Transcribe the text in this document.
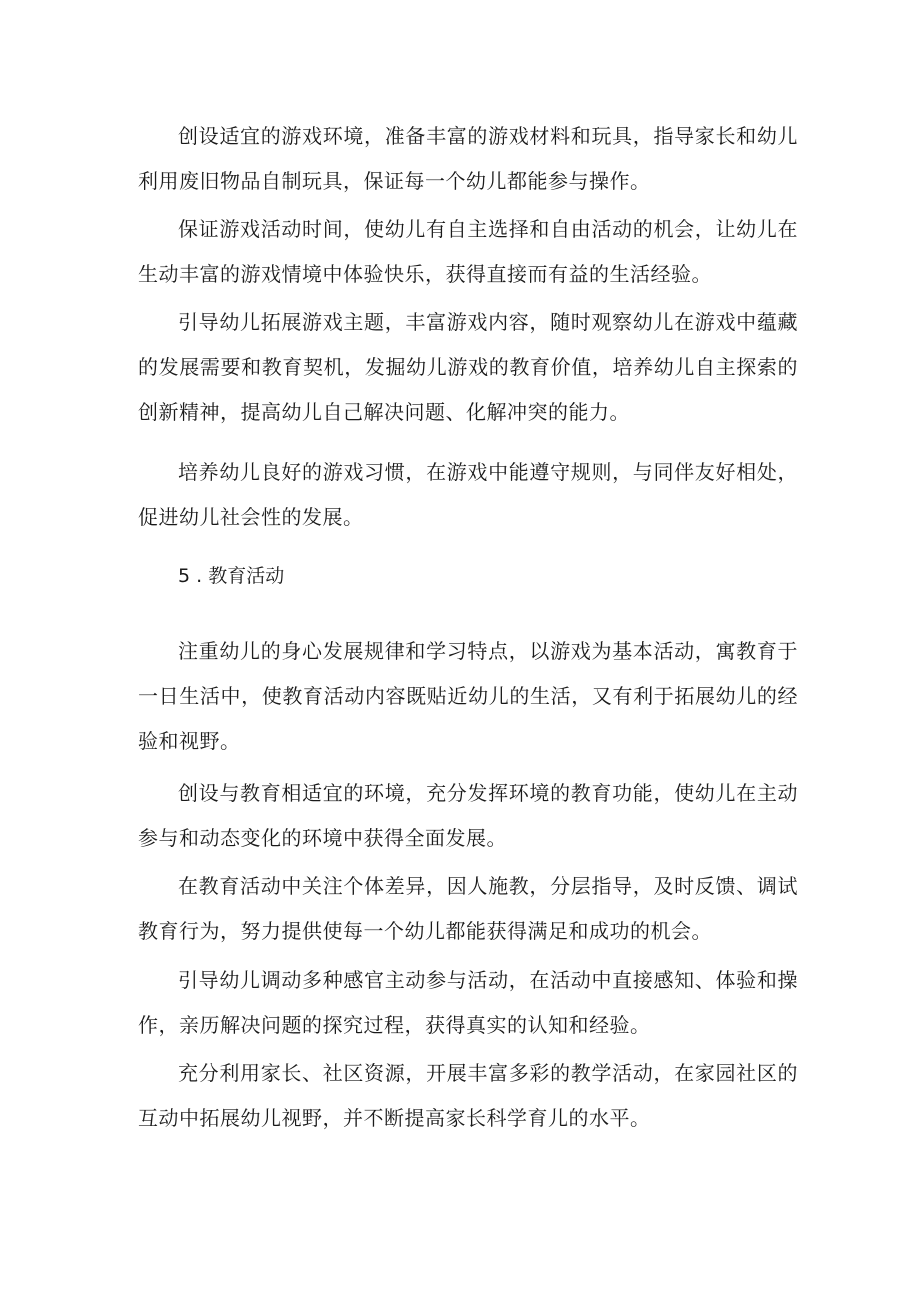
创设适宜的游戏环境，准备丰富的游戏材料和玩具，指导家长和幼儿利用废旧物品自制玩具，保证每一个幼儿都能参与操作。

保证游戏活动时间，使幼儿有自主选择和自由活动的机会，让幼儿在生动丰富的游戏情境中体验快乐，获得直接而有益的生活经验。

引导幼儿拓展游戏主题，丰富游戏内容，随时观察幼儿在游戏中蕴藏的发展需要和教育契机，发掘幼儿游戏的教育价值，培养幼儿自主探索的创新精神，提高幼儿自己解决问题、化解冲突的能力。

培养幼儿良好的游戏习惯，在游戏中能遵守规则，与同伴友好相处，促进幼儿社会性的发展。

5 . 教育活动

注重幼儿的身心发展规律和学习特点，以游戏为基本活动，寓教育于一日生活中，使教育活动内容既贴近幼儿的生活，又有利于拓展幼儿的经验和视野。

创设与教育相适宜的环境，充分发挥环境的教育功能，使幼儿在主动参与和动态变化的环境中获得全面发展。

在教育活动中关注个体差异，因人施教，分层指导，及时反馈、调试教育行为，努力提供使每一个幼儿都能获得满足和成功的机会。

引导幼儿调动多种感官主动参与活动，在活动中直接感知、体验和操作，亲历解决问题的探究过程，获得真实的认知和经验。

充分利用家长、社区资源，开展丰富多彩的教学活动，在家园社区的互动中拓展幼儿视野，并不断提高家长科学育儿的水平。
